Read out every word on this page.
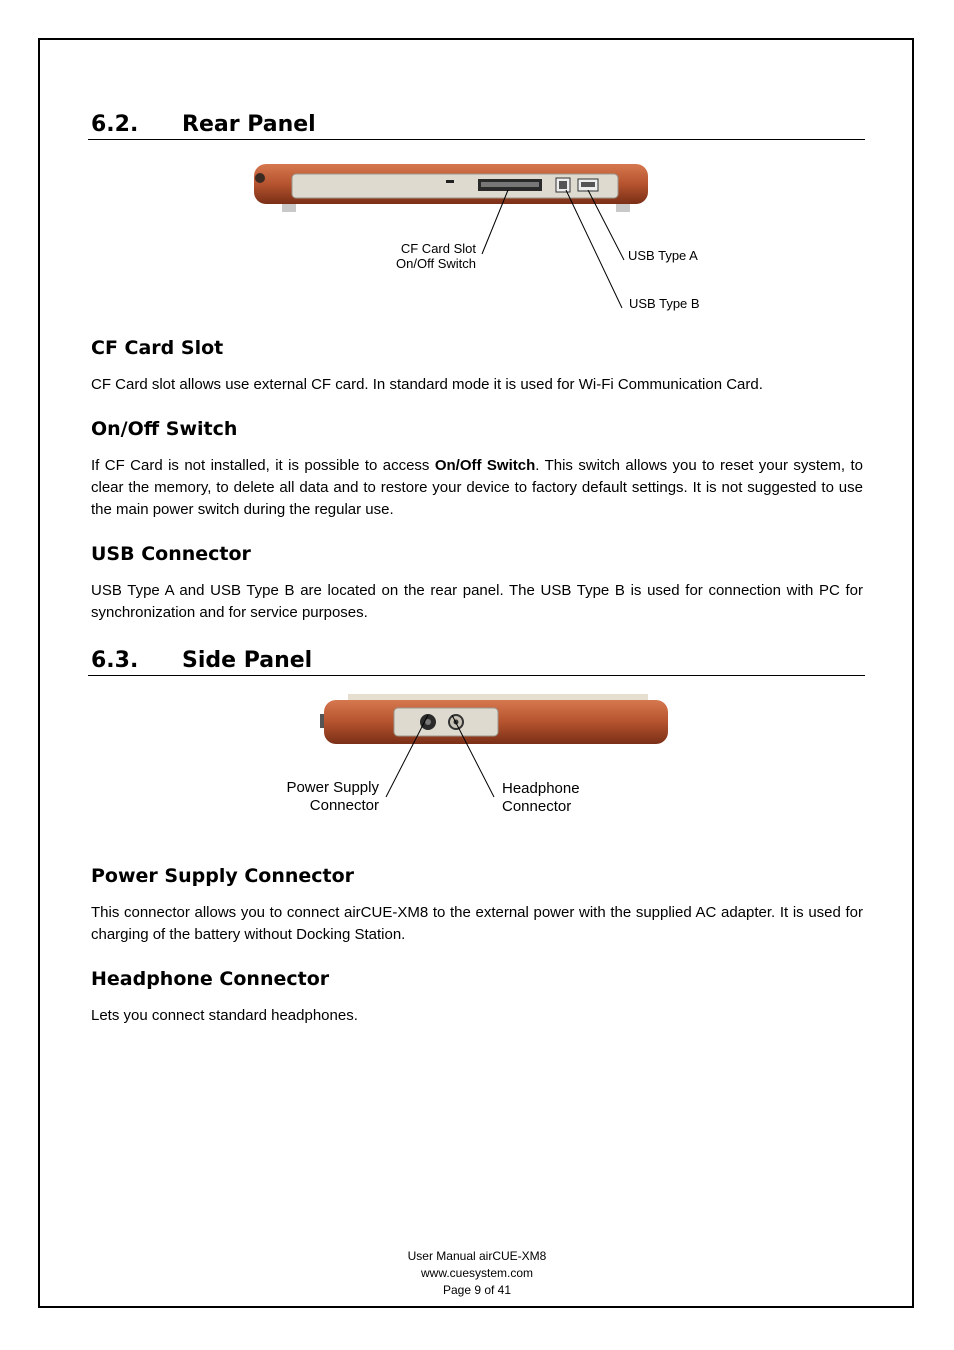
6.2. Rear Panel
CF Card Slot
On/Off Switch
USB Type A
USB Type B
CF Card Slot
CF Card slot allows use external CF card. In standard mode it is used for Wi-Fi Communication Card.
On/Off Switch
If CF Card is not installed, it is possible to access On/Off Switch. This switch allows you to reset your system, to clear the memory, to delete all data and to restore your device to factory default settings. It is not suggested to use the main power switch during the regular use.
USB Connector
USB Type A and USB Type B are located on the rear panel. The USB Type B is used for connection with PC for synchronization and for service purposes.
6.3. Side Panel
Power Supply
Connector
Headphone
Connector
Power Supply Connector
This connector allows you to connect airCUE-XM8 to the external power with the supplied AC adapter. It is used for charging of the battery without Docking Station.
Headphone Connector
Lets you connect standard headphones.
User Manual airCUE-XM8
www.cuesystem.com
Page 9 of 41
